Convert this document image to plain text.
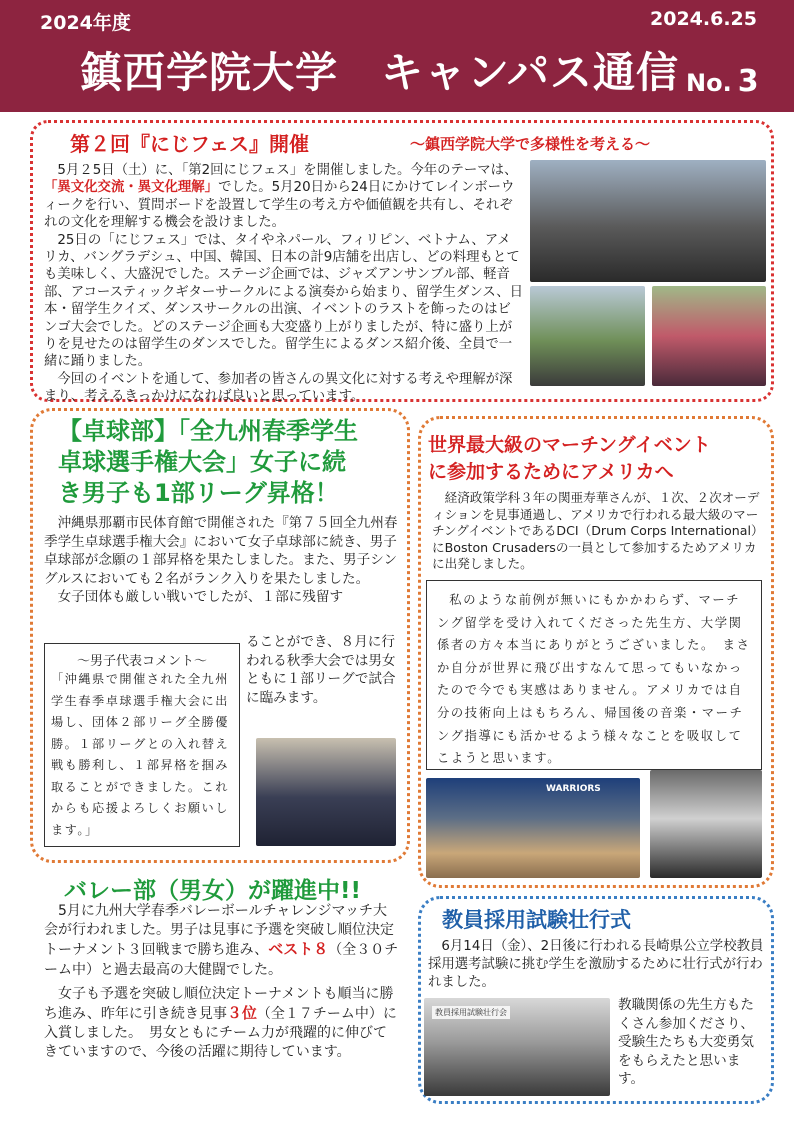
2024年度	2024.6.25
鎮西学院大学　キャンパス通信 No. 3
第２回『にじフェス』開催	～鎮西学院大学で多様性を考える～

5月２5日（土）に、「第2回にじフェス」を開催しました。今年のテーマは、「異文化交流・異文化理解」でした。5月20日から24日にかけてレインボーウィークを行い、質問ボードを設置して学生の考え方や価値観を共有し、それぞれの文化を理解する機会を設けました。

25日の「にじフェス」では、タイやネパール、フィリピン、ベトナム、アメリカ、バングラデシュ、中国、韓国、日本の計9店舗を出店し、どの料理もとても美味しく、大盛況でした。ステージ企画では、ジャズアンサンブル部、軽音部、アコースティックギターサークルによる演奏から始まり、留学生ダンス、日本・留学生クイズ、ダンスサークルの出演、イベントのラストを飾ったのはビンゴ大会でした。どのステージ企画も大変盛り上がりましたが、特に盛り上がりを見せたのは留学生のダンスでした。留学生によるダンス紹介後、全員で一緒に踊りました。

今回のイベントを通して、参加者の皆さんの異文化に対する考えや理解が深まり、考えるきっかけになれば良いと思っています。

【卓球部】「全九州春季学生
卓球選手権大会」女子に続
き男子も1部リーグ昇格！

沖縄県那覇市民体育館で開催された『第７５回全九州春季学生卓球選手権大会』において女子卓球部に続き、男子卓球部が念願の１部昇格を果たしました。また、男子シングルスにおいても２名がランク入りを果たしました。

女子団体も厳しい戦いでしたが、１部に残留す

～男子代表コメント～
「沖縄県で開催された全九州学生春季卓球選手権大会に出場し、団体２部リーグ全勝優勝。１部リーグとの入れ替え戦も勝利し、１部昇格を掴み取ることができました。これからも応援よろしくお願いします。」
ることができ、８月に行われる秋季大会では男女ともに１部リーグで試合に臨みます。
世界最大級のマーチングイベント
に参加するためにアメリカへ

経済政策学科３年の関亜寿華さんが、１次、２次オーディションを見事通過し、アメリカで行われる最大級のマーチングイベントであるDCI（Drum Corps International）にBoston Crusadersの一員として参加するためアメリカに出発しました。

私のような前例が無いにもかかわらず、マーチング留学を受け入れてくださった先生方、大学関係者の方々本当にありがとうございました。　まさか自分が世界に飛び出すなんて思ってもいなかったので今でも実感はありません。アメリカでは自分の技術向上はもちろん、帰国後の音楽・マーチング指導にも活かせるよう様々なことを吸収してこようと思います。
WARRIORS
バレー部（男女）が躍進中!!

5月に九州大学春季バレーボールチャレンジマッチ大会が行われました。男子は見事に予選を突破し順位決定トーナメント３回戦まで勝ち進み、ベスト８（全３０チーム中）と過去最高の大健闘でした。

女子も予選を突破し順位決定トーナメントも順当に勝ち進み、昨年に引き続き見事３位（全１７チーム中）に入賞しました。　男女ともにチーム力が飛躍的に伸びてきていますので、今後の活躍に期待しています。

教員採用試験壮行式

6月14日（金）、2日後に行われる長崎県公立学校教員採用選考試験に挑む学生を激励するために壮行式が行われました。

教員採用試験壮行会	教職関係の先生方もたくさん参加くださり、受験生たちも大変勇気をもらえたと思います。
